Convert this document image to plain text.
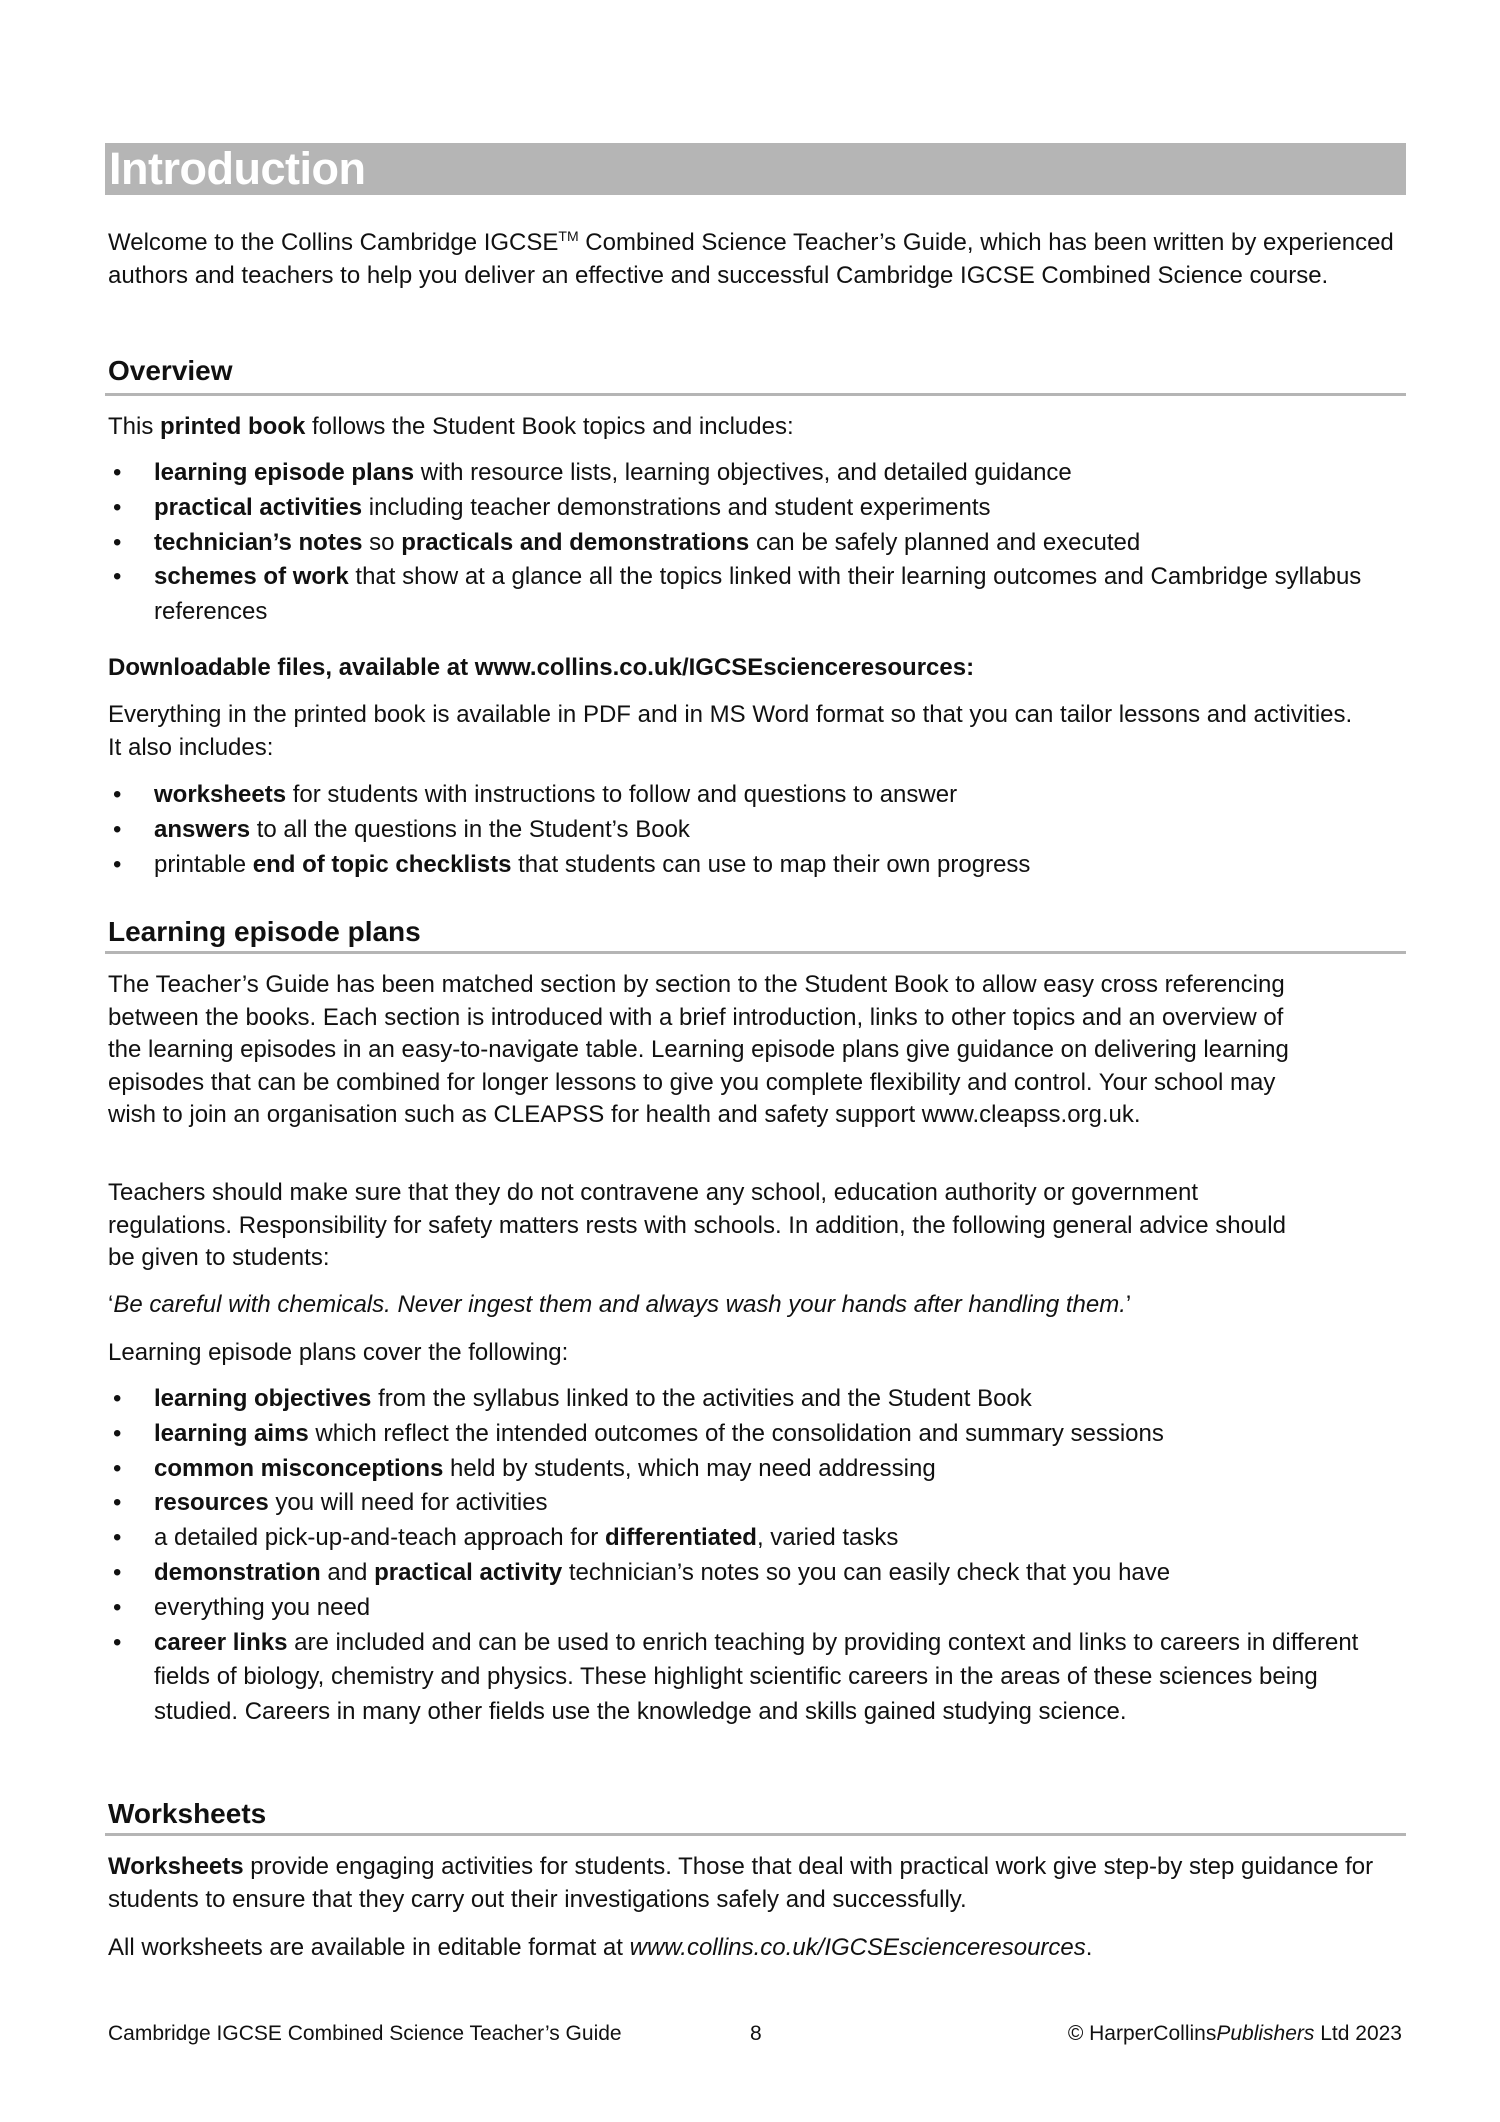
Introduction
Welcome to the Collins Cambridge IGCSE™ Combined Science Teacher’s Guide, which has been written by experienced authors and teachers to help you deliver an effective and successful Cambridge IGCSE Combined Science course.
Overview
This printed book follows the Student Book topics and includes:
• learning episode plans with resource lists, learning objectives, and detailed guidance
• practical activities including teacher demonstrations and student experiments
• technician’s notes so practicals and demonstrations can be safely planned and executed
• schemes of work that show at a glance all the topics linked with their learning outcomes and Cambridge syllabus references
Downloadable files, available at www.collins.co.uk/IGCSEscienceresources:
Everything in the printed book is available in PDF and in MS Word format so that you can tailor lessons and activities. It also includes:
• worksheets for students with instructions to follow and questions to answer
• answers to all the questions in the Student’s Book
• printable end of topic checklists that students can use to map their own progress
Learning episode plans
The Teacher’s Guide has been matched section by section to the Student Book to allow easy cross referencing between the books. Each section is introduced with a brief introduction, links to other topics and an overview of the learning episodes in an easy-to-navigate table. Learning episode plans give guidance on delivering learning episodes that can be combined for longer lessons to give you complete flexibility and control. Your school may wish to join an organisation such as CLEAPSS for health and safety support www.cleapss.org.uk.
Teachers should make sure that they do not contravene any school, education authority or government regulations. Responsibility for safety matters rests with schools. In addition, the following general advice should be given to students:
‘Be careful with chemicals. Never ingest them and always wash your hands after handling them.’
Learning episode plans cover the following:
• learning objectives from the syllabus linked to the activities and the Student Book
• learning aims which reflect the intended outcomes of the consolidation and summary sessions
• common misconceptions held by students, which may need addressing
• resources you will need for activities
• a detailed pick-up-and-teach approach for differentiated, varied tasks
• demonstration and practical activity technician’s notes so you can easily check that you have
• everything you need
• career links are included and can be used to enrich teaching by providing context and links to careers in different fields of biology, chemistry and physics. These highlight scientific careers in the areas of these sciences being studied. Careers in many other fields use the knowledge and skills gained studying science.
Worksheets
Worksheets provide engaging activities for students. Those that deal with practical work give step-by step guidance for students to ensure that they carry out their investigations safely and successfully.
All worksheets are available in editable format at www.collins.co.uk/IGCSEscienceresources.
Cambridge IGCSE Combined Science Teacher’s Guide	8	© HarperCollinsPublishers Ltd 2023
